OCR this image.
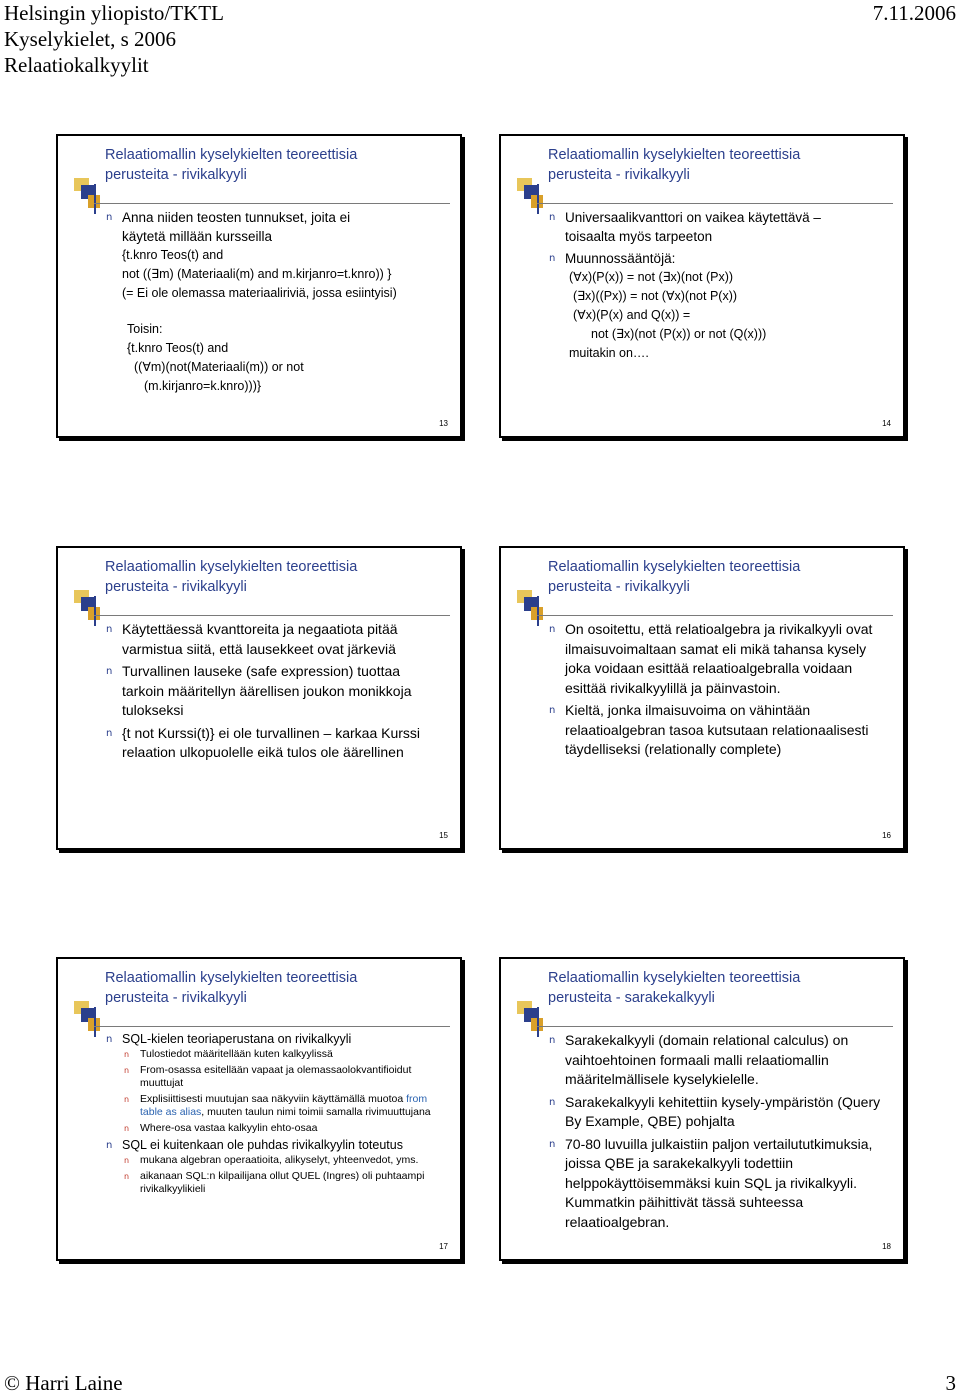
Helsingin yliopisto/TKTL
Kyselykielet, s 2006
Relaatiokalkyylit
7.11.2006
Relaatiomallin kyselykielten teoreettisia
perusteita - rivikalkyyli
n Anna niiden teosten tunnukset, joita ei
käytetä millään kursseilla
{t.knro Teos(t) and
not ((∃m) (Materiaali(m) and m.kirjanro=t.knro)) }
(= Ei ole olemassa materiaaliriviä, jossa esiintyisi)
Toisin:
{t.knro Teos(t) and
((∀m)(not(Materiaali(m)) or not
(m.kirjanro=k.knro)))}
13
Relaatiomallin kyselykielten teoreettisia
perusteita - rivikalkyyli
n Universaalikvanttori on vaikea käytettävä –
toisaalta myös tarpeeton
n Muunnossääntöjä:
(∀x)(P(x)) = not (∃x)(not (Px))
(∃x)((Px)) = not (∀x)(not P(x))
(∀x)(P(x) and Q(x)) =
not (∃x)(not (P(x)) or not (Q(x)))
muitakin on….
14
Relaatiomallin kyselykielten teoreettisia
perusteita - rivikalkyyli
n Käytettäessä kvanttoreita ja negaatiota pitää varmistua siitä, että lausekkeet ovat järkeviä
n Turvallinen lauseke (safe expression) tuottaa tarkoin määritellyn äärellisen joukon monikkoja tulokseksi
n {t not Kurssi(t)} ei ole turvallinen – karkaa Kurssi relaation ulkopuolelle eikä tulos ole äärellinen
15
Relaatiomallin kyselykielten teoreettisia
perusteita - rivikalkyyli
n On osoitettu, että relatioalgebra ja rivikalkyyli ovat ilmaisuvoimaltaan samat eli mikä tahansa kysely joka voidaan esittää relaatioalgebralla voidaan esittää rivikalkyylillä ja päinvastoin.
n Kieltä, jonka ilmaisuvoima on vähintään relaatioalgebran tasoa kutsutaan relationaalisesti täydelliseksi (relationally complete)
16
Relaatiomallin kyselykielten teoreettisia
perusteita - rivikalkyyli
n SQL-kielen teoriaperustana on rivikalkyyli
n Tulostiedot määritellään kuten kalkyylissä
n From-osassa esitellään vapaat ja olemassaolokvantifioidut muuttujat
n Explisiittisesti muutujan saa näkyviin käyttämällä muotoa from table as alias, muuten taulun nimi toimii samalla rivimuuttujana
n Where-osa vastaa kalkyylin ehto-osaa
n SQL ei kuitenkaan ole puhdas rivikalkyylin toteutus
n mukana algebran operaatioita, alikyselyt, yhteenvedot, yms.
n aikanaan SQL:n kilpailijana ollut QUEL (Ingres) oli puhtaampi rivikalkyylikieli
17
Relaatiomallin kyselykielten teoreettisia
perusteita - sarakekalkyyli
n Sarakekalkyyli (domain relational calculus) on vaihtoehtoinen formaali malli relaatiomallin määritelmällisele kyselykielelle.
n Sarakekalkyyli kehitettiin kysely-ympäristön (Query By Example, QBE) pohjalta
n 70-80 luvuilla julkaistiin paljon vertailututkimuksia, joissa QBE ja sarakekalkyyli todettiin helppokäyttöisemmäksi kuin SQL ja rivikalkyyli. Kummatkin päihittivät tässä suhteessa relaatioalgebran.
18
© Harri Laine	3
